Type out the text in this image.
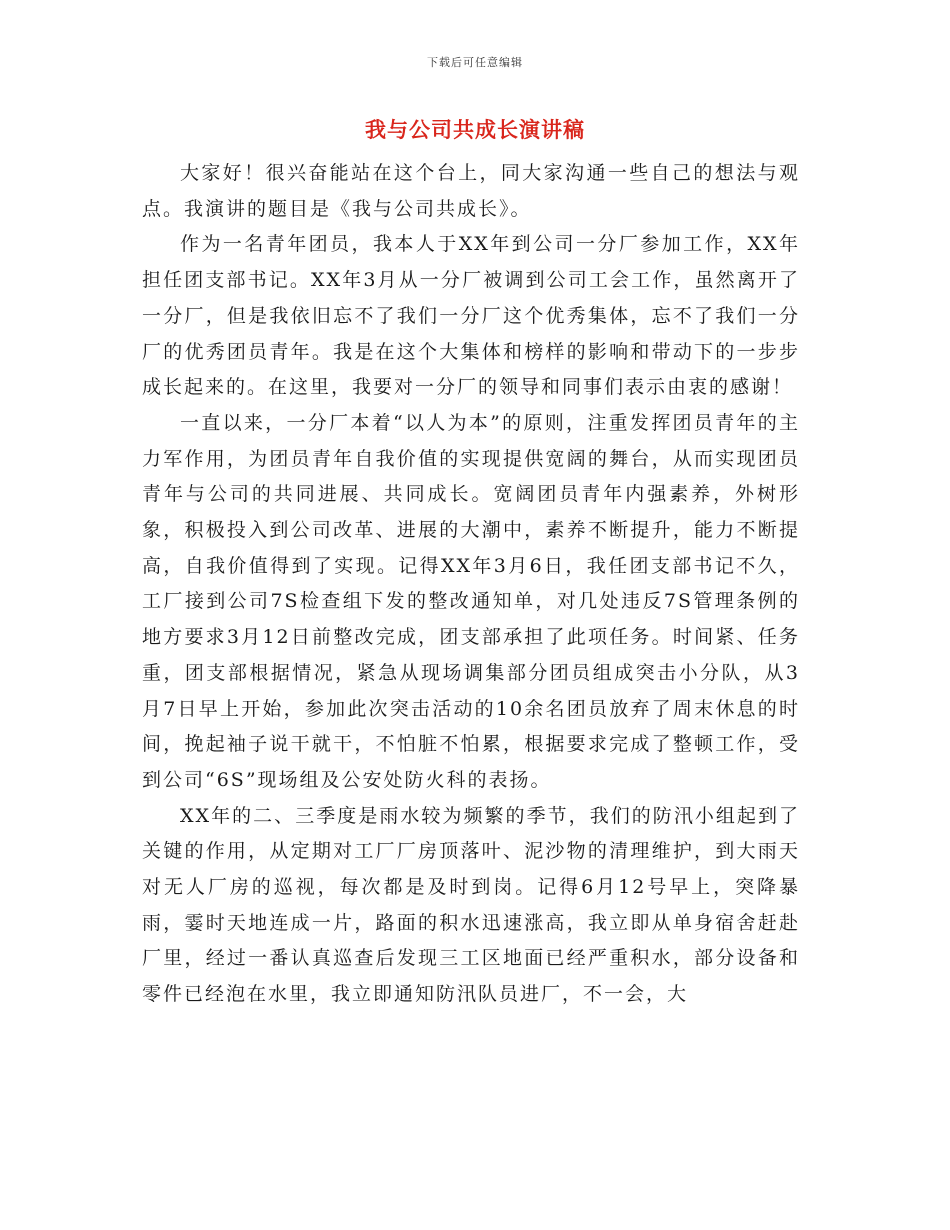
下载后可任意编辑
我与公司共成长演讲稿

大家好！很兴奋能站在这个台上，同大家沟通一些自己的想法与观点。我演讲的题目是《我与公司共成长》。

作为一名青年团员，我本人于XX年到公司一分厂参加工作，XX年担任团支部书记。XX年3月从一分厂被调到公司工会工作，虽然离开了一分厂，但是我依旧忘不了我们一分厂这个优秀集体，忘不了我们一分厂的优秀团员青年。我是在这个大集体和榜样的影响和带动下的一步步成长起来的。在这里，我要对一分厂的领导和同事们表示由衷的感谢！

一直以来，一分厂本着“以人为本”的原则，注重发挥团员青年的主力军作用，为团员青年自我价值的实现提供宽阔的舞台，从而实现团员青年与公司的共同进展、共同成长。宽阔团员青年内强素养，外树形象，积极投入到公司改革、进展的大潮中，素养不断提升，能力不断提高，自我价值得到了实现。记得XX年3月6日，我任团支部书记不久，工厂接到公司7S检查组下发的整改通知单，对几处违反7S管理条例的地方要求3月12日前整改完成，团支部承担了此项任务。时间紧、任务重，团支部根据情况，紧急从现场调集部分团员组成突击小分队，从3月7日早上开始，参加此次突击活动的10余名团员放弃了周末休息的时间，挽起袖子说干就干，不怕脏不怕累，根据要求完成了整顿工作，受到公司“6S”现场组及公安处防火科的表扬。

XX年的二、三季度是雨水较为频繁的季节，我们的防汛小组起到了关键的作用，从定期对工厂厂房顶落叶、泥沙物的清理维护，到大雨天对无人厂房的巡视，每次都是及时到岗。记得6月12号早上，突降暴雨，霎时天地连成一片，路面的积水迅速涨高，我立即从单身宿舍赶赴厂里，经过一番认真巡查后发现三工区地面已经严重积水，部分设备和零件已经泡在水里，我立即通知防汛队员进厂，不一会，大
